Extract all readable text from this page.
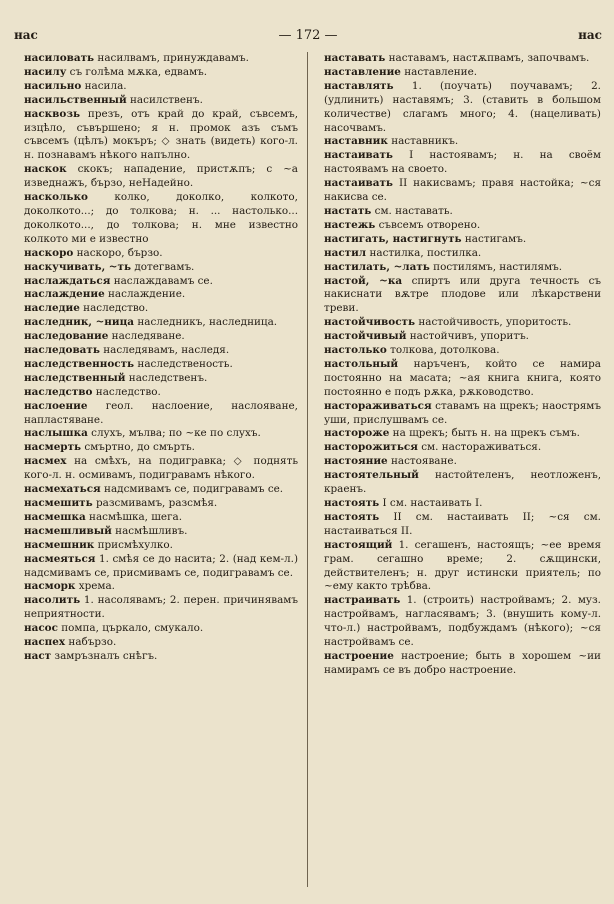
нас	— 172 —	нас

насиловать насилвамъ, принуждавамъ.

насилу съ голѣма мѫка, едвамъ.

насильно насила.

насильственный насилственъ.

насквозь презъ, отъ край до край, съвсемъ, изцѣло, съвършено; я н. промок азъ съмъ съвсемъ (цѣлъ) мокъръ; ◇ знать (видеть) кого-л. н. познавамъ нѣкого напълно.

наскок скокъ; нападение, пристѫпъ; с ~а изведнажъ, бързо, неНадейно.

насколько	колко, доколко, колкото, доколкото...; до толкова; н. ... настолько... доколкото..., до толкова; н. мне известно колкото ми е известно

наскоро наскоро, бързо.

наскучивать, ~ть дотегвамъ.

наслаждаться наслаждавамъ се.

наслаждение наслаждение.

наследие наследство.

наследник, ~ница наследникъ, наследница.

наследование наследяване.

наследовать наследявамъ, наследя.

наследственность наследственость.

наследственный наследственъ.

наследство наследство.

наслоение геол. наслоение, наслояване, напластяване.

наслышка слухъ, мълва; по ~ке по слухъ.

насмерть смъртно, до смърть.

насмех на смѣхъ, на подигравка; ◇ поднять кого-л. н. осмивамъ, подигравамъ нѣкого.

насмехаться надсмивамъ се, подигравамъ се.

насмешить разсмивамъ, разсмѣя.

насмешка насмѣшка, шега.

насмешливый насмѣшливъ.

насмешник присмѣхулко.

насмеяться 1. смѣя се до насита; 2. (над кем-л.) надсмивамъ се, присмивамъ се, подигравамъ се.

насморк хрема.

насолить 1. насолявамъ; 2. перен. причинявамъ неприятности.

насос помпа, църкало, смукало.

наспех набързо.

наст замръзналъ снѣгъ.

наставать наставамъ, настѫпвамъ, започвамъ.

наставление наставление.

наставлять 1. (поучать) поучавамъ; 2. (удлинить) наставямъ; 3. (ставить в большом количестве) слагамъ много; 4. (нацеливать) насочвамъ.

наставник наставникъ.

настаивать I настоявамъ; н. на своём настоявамъ на своето.

настаивать II накисвамъ; правя настойка; ~ся накисва се.

настать см. наставать.

настежь съвсемъ отворено.

настигать, настигнуть настигамъ.

настил настилка, постилка.

настилать, ~лать постилямъ, настилямъ.

настой, ~ка спиртъ или друга течность съ накиснати вѫтре плодове или лѣкарствени треви.

настойчивость настойчивость, упоритость.

настойчивый настойчивъ, упоритъ.

настолько толкова, дотолкова.

настольный наръченъ, който се намира постоянно на масата; ~ая книга книга, която постоянно е подъ рѫка, рѫководство.

настораживаться ставамъ на щрекъ; наострямъ уши, прислушвамъ се.

настороже на щрекъ; быть н. на щрекъ съмъ.

насторожиться см. настораживаться.

настояние настояване.

настоятельный настойтеленъ, неотложенъ, краенъ.

настоять I см. настаивать I.

настоять II см. настаивать II; ~ся см. настаиваться II.

настоящий 1. сегашенъ, настоящъ; ~ее время грам. сегашно време; 2. сѫщински, действителенъ; н. друг истински приятель; по ~ему както трѣбва.

настраивать 1. (строить) настройвамъ; 2. муз. настройвамъ, нагласявамъ; 3. (внушить кому-л. что-л.) настройвамъ, подбуждамъ (нѣкого); ~ся настройвамъ се.

настроение настроение; быть в хорошем ~ии намирамъ се въ добро настроение.
